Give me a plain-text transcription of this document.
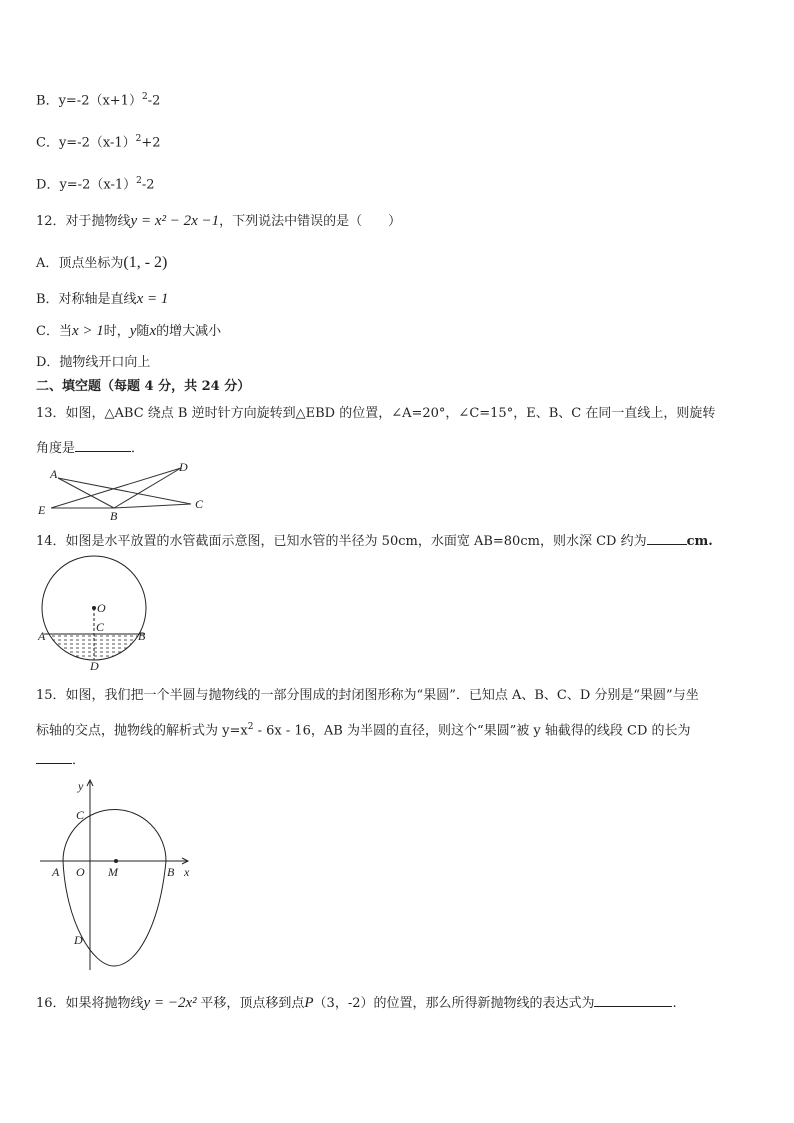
B．$y=-2(x+1)^2-2$
C．$y=-2(x-1)^2+2$
D．$y=-2(x-1)^2-2$
12．对于抛物线y = x² − 2x −1，下列说法中错误的是（　　）
A．顶点坐标为(1, - 2)
B．对称轴是直线x = 1
C．当x > 1时，y随x的增大减小
D．抛物线开口向上
二、填空题（每题 4 分，共 24 分）
13．如图，△ABC 绕点 B 逆时针方向旋转到△EBD 的位置，∠A=20°，∠C=15°，E、B、C 在同一直线上，则旋转
角度是	．
A	D
C
E	B
14．如图是水平放置的水管截面示意图，已知水管的半径为 50cm，水面宽 AB=80cm，则水深 CD 约为	cm.
O
C
A	B
D
15．如图，我们把一个半圆与抛物线的一部分围成的封闭图形称为“果圆”．已知点 A、B、C、D 分别是“果圆”与坐
标轴的交点，抛物线的解析式为 $y=x^2 - 6x - 16$，AB 为半圆的直径，则这个“果圆”被 y 轴截得的线段 CD 的长为
．
y
C
A O M	B x
D
16．如果将抛物线y = −2x² 平移，顶点移到点P（3，-2）的位置，那么所得新抛物线的表达式为	.
